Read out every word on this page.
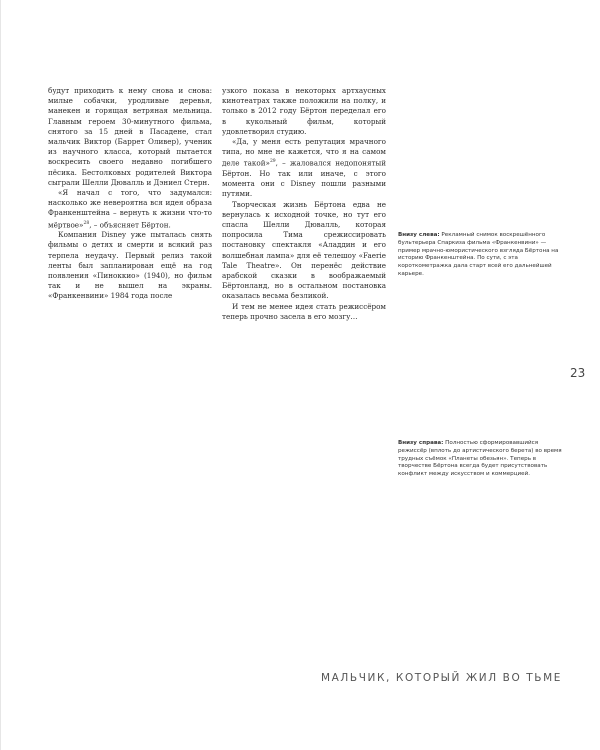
будут приходить к нему снова и снова: милые собачки, уродливые деревья, манекен и горящая ветряная мельница. Главным героем 30-минутного фильма, снятого за 15 дней в Пасадене, стал мальчик Виктор (Баррет Оливер), ученик из научного класса, который пытается воскресить своего недавно погибшего пёсика. Бестолковых родителей Виктора сыграли Шелли Дювалль и Дэниел Стерн.

«Я начал с того, что задумался: насколько же невероятна вся идея образа Франкенштейна – вернуть к жизни что-то мёртвое»$^{28}$, – объясняет Бёртон.

Компания Disney уже пыталась снять фильмы о детях и смерти и всякий раз терпела неудачу. Первый релиз такой ленты был запланирован ещё на год появления «Пиноккио» (1940), но фильм так и не вышел на экраны. «Франкенвини» 1984 года после

узкого показа в некоторых артхаусных кинотеатрах также положили на полку, и только в 2012 году Бёртон переделал его в кукольный фильм, который удовлетворил студию.

«Да, у меня есть репутация мрачного типа, но мне не кажется, что я на самом деле такой»$^{29}$, – жаловался недопонятый Бёртон. Но так или иначе, с этого момента они с Disney пошли разными путями.

Творческая жизнь Бёртона едва не вернулась к исходной точке, но тут его спасла Шелли Дювалль, которая попросила Тима срежиссировать постановку спектакля «Аладдин и его волшебная лампа» для её телешоу «Faerie Tale Theatre». Он перенёс действие арабской сказки в воображаемый Бёртонланд, но в остальном постановка оказалась весьма безликой.

И тем не менее идея стать режиссёром теперь прочно засела в его мозгу…

Внизу слева: Рекламный снимок воскрешённого бультерьера Спаркиза фильма «Франкенвини» — пример мрачно-юмористического взгляда Бёртона на историю Франкенштейна. По сути, с эта короткометражка дала старт всей его дальнейшей карьере.
Внизу справа: Полностью сформировавшийся режиссёр (вплоть до артистического берета) во время трудных съёмок «Планеты обезьян». Теперь в творчестве Бёртона всегда будет присутствовать конфликт между искусством и коммерцией.
23
МАЛЬЧИК, КОТОРЫЙ ЖИЛ ВО ТЬМЕ
